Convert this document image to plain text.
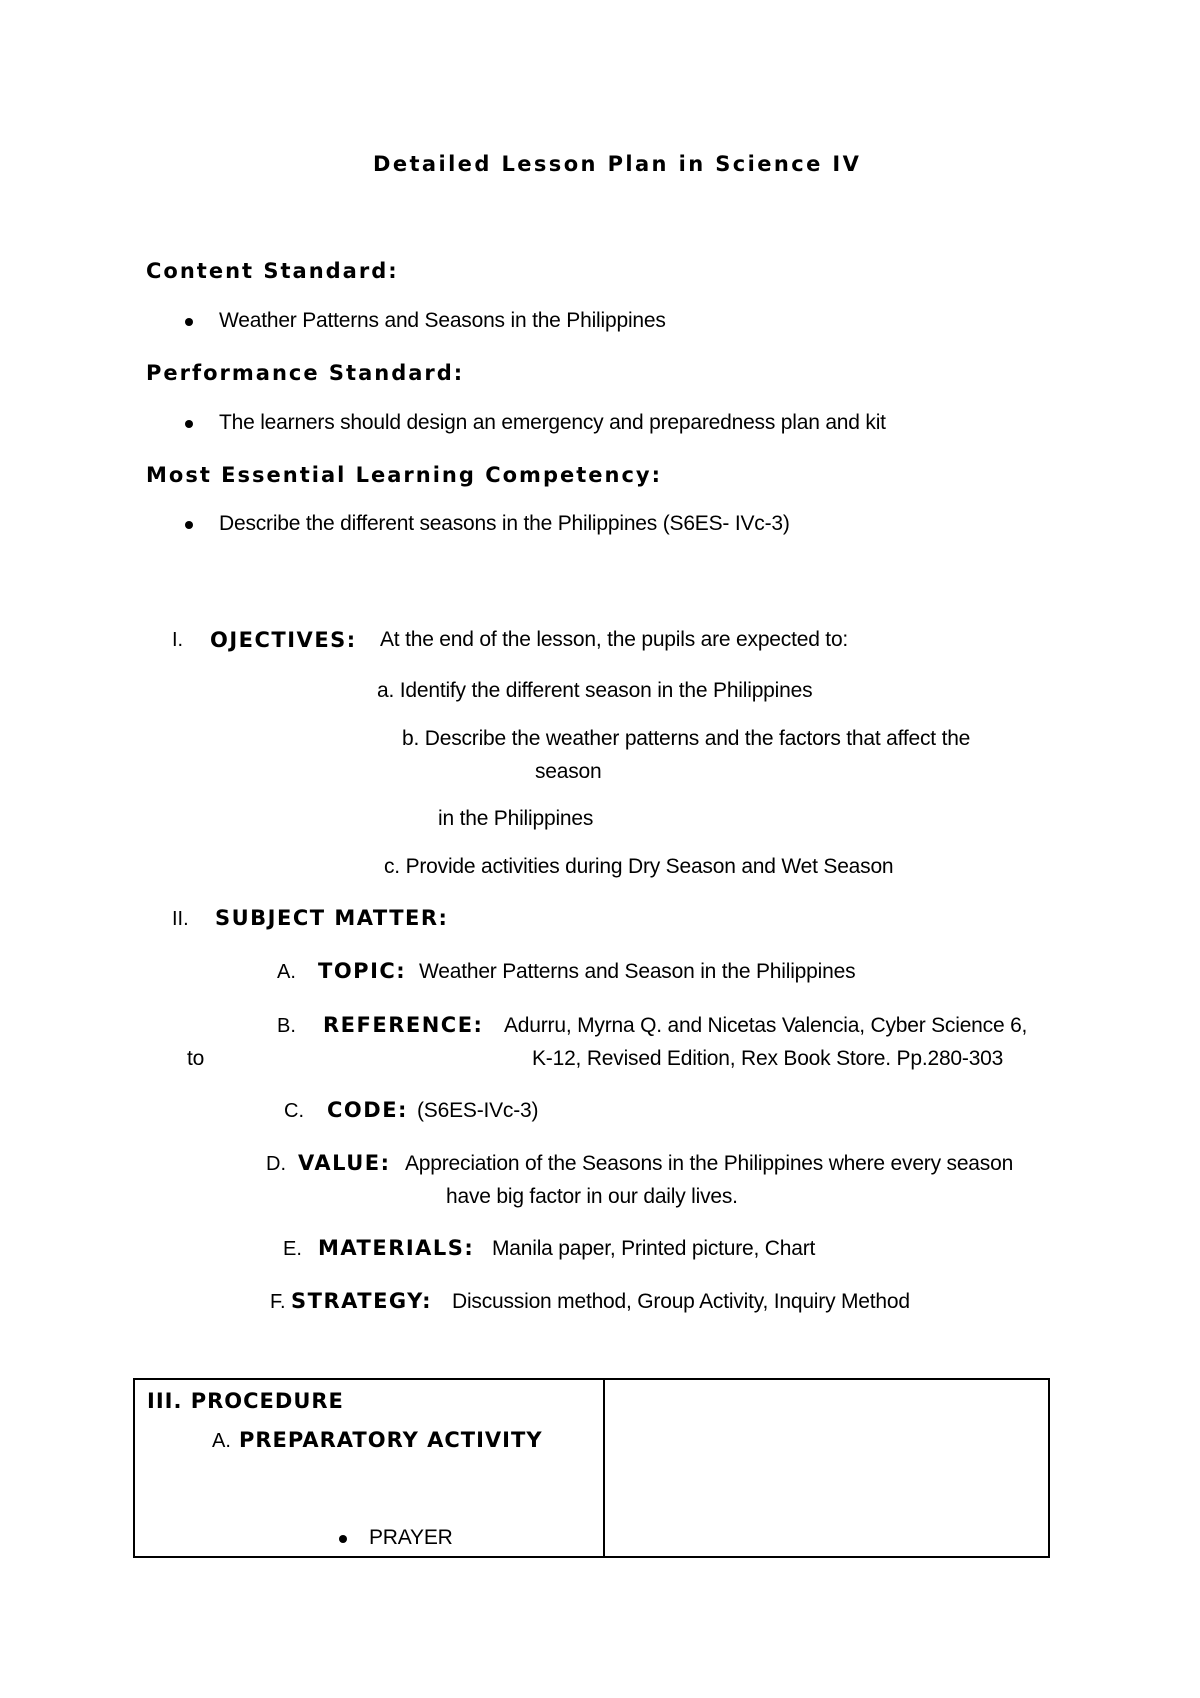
Detailed Lesson Plan in Science IV
Content Standard:
Weather Patterns and Seasons in the Philippines
Performance Standard:
The learners should design an emergency and preparedness plan and kit
Most Essential Learning Competency:
Describe the different seasons in the Philippines (S6ES- IVc-3)
I. OJECTIVES: At the end of the lesson, the pupils are expected to:
a. Identify the different season in the Philippines
b. Describe the weather patterns and the factors that affect the
season
in the Philippines
c. Provide activities during Dry Season and Wet Season
II. SUBJECT MATTER:
A. TOPIC: Weather Patterns and Season in the Philippines
B. REFERENCE: Adurru, Myrna Q. and Nicetas Valencia, Cyber Science 6,
to	K-12, Revised Edition, Rex Book Store. Pp.280-303
C. CODE: (S6ES-IVc-3)
D. VALUE: Appreciation of the Seasons in the Philippines where every season
have big factor in our daily lives.
E. MATERIALS: Manila paper, Printed picture, Chart
F. STRATEGY: Discussion method, Group Activity, Inquiry Method
III. PROCEDURE
A. PREPARATORY ACTIVITY
PRAYER
